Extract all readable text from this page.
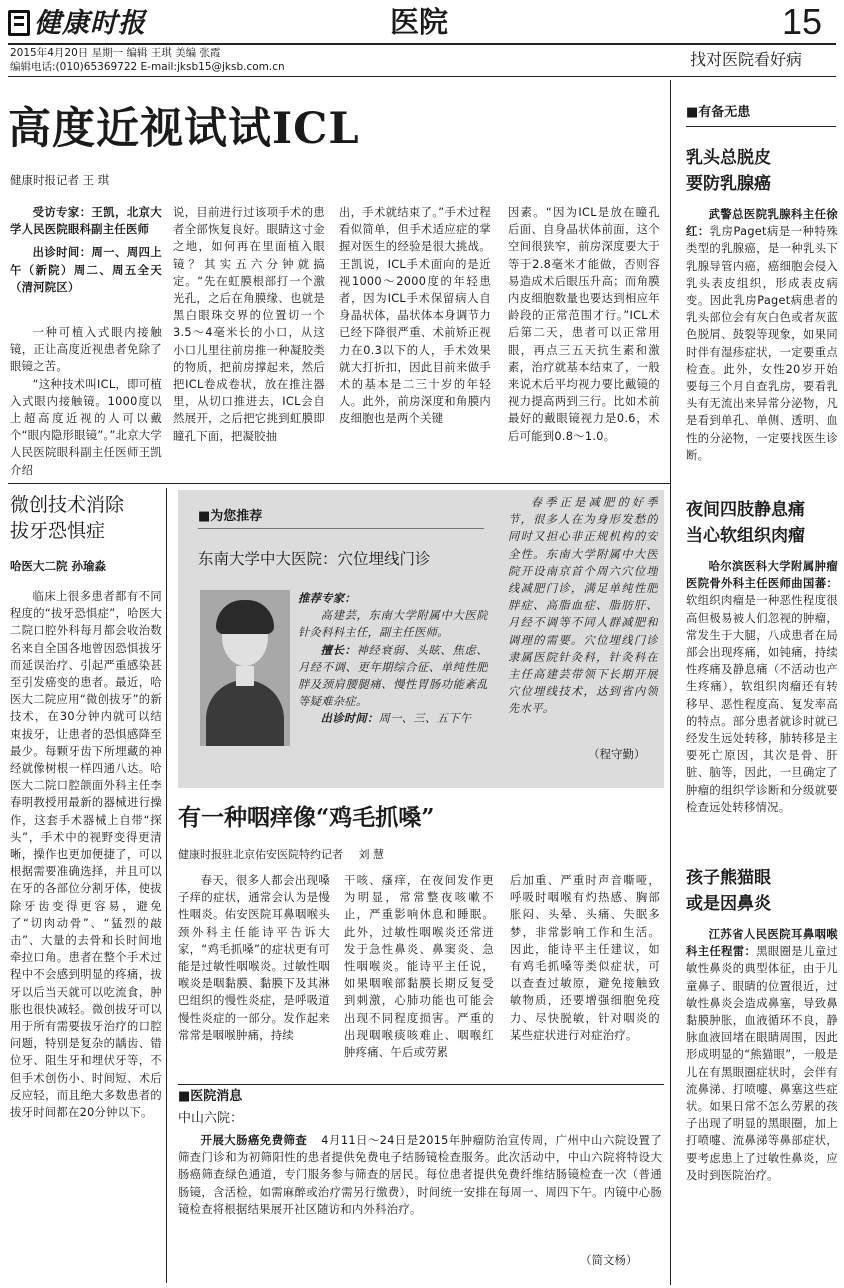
健康时报	医院	15
2015年4月20日 星期一 编辑 王琪 美编 张霞
编辑电话:(010)65369722 E-mail:jksb15@jksb.com.cn	找对医院看好病
高度近视试试ICL
健康时报记者 王 琪

受访专家：王凯，北京大学人民医院眼科副主任医师

出诊时间：周一、周四上午（新院）周二、周五全天（清河院区）

一种可植入式眼内接触镜，正让高度近视患者免除了眼镜之苦。

“这种技术叫ICL，即可植入式眼内接触镜。1000度以上超高度近视的人可以戴个“眼内隐形眼镜”。”北京大学人民医院眼科副主任医师王凯介绍

说，目前进行过该项手术的患者全部恢复良好。眼睛这寸金之地，如何再在里面植入眼镜？其实五六分钟就搞定。“先在虹膜根部打一个激光孔，之后在角膜缘、也就是黑白眼珠交界的位置切一个3.5～4毫米长的小口，从这小口儿里往前房推一种凝胶类的物质，把前房撑起来，然后把ICL卷成卷状，放在推注器里，从切口推进去，ICL会自然展开，之后把它挑到虹膜即瞳孔下面，把凝胶抽

出，手术就结束了。”手术过程看似简单，但手术适应症的掌握对医生的经验是很大挑战。王凯说，ICL手术面向的是近视1000～2000度的年轻患者，因为ICL手术保留病人自身晶状体，晶状体本身调节力已经下降很严重、术前矫正视力在0.3以下的人，手术效果就大打折扣，因此目前来做手术的基本是二三十岁的年轻人。此外，前房深度和角膜内皮细胞也是两个关键

因素。“因为ICL是放在瞳孔后面、自身晶状体前面，这个空间很狭窄，前房深度要大于等于2.8毫米才能做，否则容易造成术后眼压升高；而角膜内皮细胞数量也要达到相应年龄段的正常范围才行。”ICL术后第二天，患者可以正常用眼，再点三五天抗生素和激素，治疗就基本结束了，一般来说术后平均视力要比戴镜的视力提高两到三行。比如术前最好的戴眼镜视力是0.6，术后可能到0.8～1.0。

微创技术消除
拔牙恐惧症
哈医大二院 孙瑜淼

临床上很多患者都有不同程度的“拔牙恐惧症”，哈医大二院口腔外科每月都会收治数名来自全国各地曾因恐惧拔牙而延误治疗、引起严重感染甚至引发癌变的患者。最近，哈医大二院应用“微创拔牙”的新技术，在30分钟内就可以结束拔牙，让患者的恐惧感降至最少。每颗牙齿下所埋藏的神经就像树根一样四通八达。哈医大二院口腔颌面外科主任李春明教授用最新的器械进行操作，这套手术器械上自带“探头”，手术中的视野变得更清晰，操作也更加便捷了，可以根据需要准确选择，并且可以在牙的各部位分割牙体，使拔除牙齿变得更容易，避免了“切肉动骨”、“猛烈的敲击”、大量的去骨和长时间地牵拉口角。患者在整个手术过程中不会感到明显的疼痛，拔牙以后当天就可以吃流食，肿胀也很快减轻。微创拔牙可以用于所有需要拔牙治疗的口腔问题，特别是复杂的龋齿、错位牙、阻生牙和埋伏牙等，不但手术创伤小、时间短、术后反应轻，而且绝大多数患者的拔牙时间都在20分钟以下。

■为您推荐
东南大学中大医院：穴位埋线门诊

推荐专家：

高建芸，东南大学附属中大医院针灸科科主任，副主任医师。

擅长：神经衰弱、头眩、焦虑、月经不调、更年期综合征、单纯性肥胖及颈肩腰腿痛、慢性胃肠功能紊乱等疑难杂症。

出诊时间：周一、三、五下午

春季正是减肥的好季节，很多人在为身形发愁的同时又担心非正规机构的安全性。东南大学附属中大医院开设南京首个周六穴位埋线减肥门诊，满足单纯性肥胖症、高脂血症、脂肪肝、月经不调等不同人群减肥和调理的需要。穴位埋线门诊隶属医院针灸科，针灸科在主任高建芸带领下长期开展穴位埋线技术，达到省内领先水平。

（程守勤）
有一种咽痒像“鸡毛抓嗓”
健康时报驻北京佑安医院特约记者 刘 慧

春天，很多人都会出现嗓子痒的症状，通常会认为是慢性咽炎。佑安医院耳鼻咽喉头颈外科主任能诗平告诉大家，“鸡毛抓嗓”的症状更有可能是过敏性咽喉炎。过敏性咽喉炎是咽黏膜、黏膜下及其淋巴组织的慢性炎症，是呼吸道慢性炎症的一部分。发作起来常常是咽喉肿痛，持续

干咳、瘙痒，在夜间发作更为明显，常常整夜咳嗽不止，严重影响休息和睡眠。此外，过敏性咽喉炎还常迸发于急性鼻炎、鼻窦炎、急性咽喉炎。能诗平主任说，如果咽喉部黏膜长期反复受到刺激，心肺功能也可能会出现不同程度损害。严重的出现咽喉痰咳难止、咽喉红肿疼痛、午后或劳累

后加重、严重时声音嘶哑，呼吸时咽喉有灼热感、胸部胀闷、头晕、头痛、失眠多梦，非常影响工作和生活。因此，能诗平主任建议，如有鸡毛抓嗓等类似症状，可以查查过敏原，避免接触致敏物质，还要增强细胞免疫力、尽快脱敏，针对咽炎的某些症状进行对症治疗。

■医院消息
中山六院：

开展大肠癌免费筛查 4月11日～24日是2015年肿瘤防治宣传周，广州中山六院设置了筛查门诊和为初筛阳性的患者提供免费电子结肠镜检查服务。此次活动中，中山六院将特设大肠癌筛查绿色通道，专门服务参与筛查的居民。每位患者提供免费纤维结肠镜检查一次（普通肠镜，含活检，如需麻醉或治疗需另行缴费），时间统一安排在每周一、周四下午。内镜中心肠镜检查将根据结果展开社区随访和内外科治疗。

（简文杨）
■有备无患
乳头总脱皮
要防乳腺癌

武警总医院乳腺科主任徐红：乳房Paget病是一种特殊类型的乳腺癌，是一种乳头下乳腺导管内癌，癌细胞会侵入乳头表皮组织，形成表皮病变。因此乳房Paget病患者的乳头部位会有灰白色或者灰蓝色脱屑、鼓裂等现象，如果同时伴有湿疹症状，一定要重点检查。此外，女性20岁开始要每三个月自查乳房，要看乳头有无流出来异常分泌物，凡是看到单孔、单侧、透明、血性的分泌物，一定要找医生诊断。

夜间四肢静息痛
当心软组织肉瘤

哈尔滨医科大学附属肿瘤医院骨外科主任医师曲国蕃：软组织肉瘤是一种恶性程度很高但极易被人们忽视的肿瘤，常发生于大腿，八成患者在局部会出现疼痛，如钝痛，持续性疼痛及静息痛（不活动也产生疼痛），软组织肉瘤还有转移早、恶性程度高、复发率高的特点。部分患者就诊时就已经发生远处转移，肺转移是主要死亡原因，其次是骨、肝脏、脑等，因此，一旦确定了肿瘤的组织学诊断和分级就要检查远处转移情况。

孩子熊猫眼
或是因鼻炎

江苏省人民医院耳鼻咽喉科主任程雷：黑眼圈是儿童过敏性鼻炎的典型体征，由于儿童鼻子、眼睛的位置很近，过敏性鼻炎会造成鼻塞，导致鼻黏膜肿胀，血液循环不良，静脉血液回堵在眼睛周围，因此形成明显的“熊猫眼”，一般是儿在有黑眼圈症状时，会伴有流鼻涕、打喷嚏、鼻塞这些症状。如果日常不怎么劳累的孩子出现了明显的黑眼圈，加上打喷嚏、流鼻涕等鼻部症状，要考虑患上了过敏性鼻炎，应及时到医院治疗。
